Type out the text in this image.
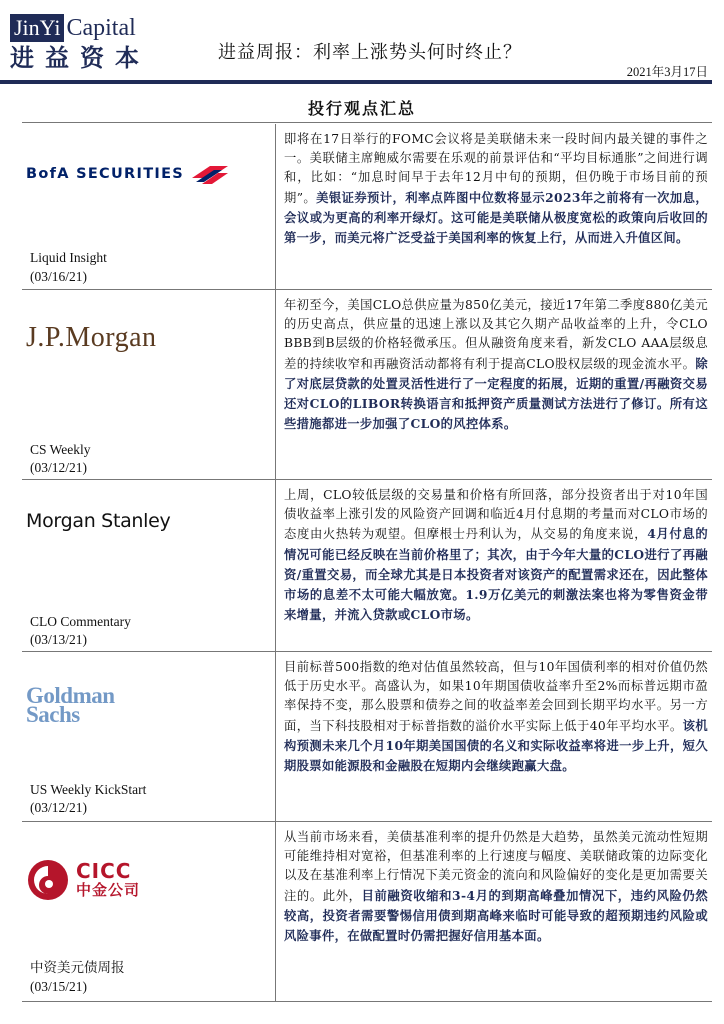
JinYi Capital
进益资本	进益周报：利率上涨势头何时终止？
2021年3月17日
投行观点汇总
BofA SECURITIES
Liquid Insight
(03/16/21)
即将在17日举行的FOMC会议将是美联储未来一段时间内最关键的事件之一。美联储主席鲍威尔需要在乐观的前景评估和“平均目标通胀”之间进行调和，比如：“加息时间早于去年12月中旬的预期，但仍晚于市场目前的预期”。美银证券预计，利率点阵图中位数将显示2023年之前将有一次加息，会议或为更高的利率开绿灯。这可能是美联储从极度宽松的政策向后收回的第一步，而美元将广泛受益于美国利率的恢复上行，从而进入升值区间。
J.P.Morgan
CS Weekly
(03/12/21)
年初至今，美国CLO总供应量为850亿美元，接近17年第二季度880亿美元的历史高点，供应量的迅速上涨以及其它久期产品收益率的上升，令CLO BBB到B层级的价格轻微承压。但从融资角度来看，新发CLO AAA层级息差的持续收窄和再融资活动都将有利于提高CLO股权层级的现金流水平。除了对底层贷款的处置灵活性进行了一定程度的拓展，近期的重置/再融资交易还对CLO的LIBOR转换语言和抵押资产质量测试方法进行了修订。所有这些措施都进一步加强了CLO的风控体系。
Morgan Stanley
CLO Commentary
(03/13/21)
上周，CLO较低层级的交易量和价格有所回落，部分投资者出于对10年国债收益率上涨引发的风险资产回调和临近4月付息期的考量而对CLO市场的态度由火热转为观望。但摩根士丹利认为，从交易的角度来说，4月付息的情况可能已经反映在当前价格里了；其次，由于今年大量的CLO进行了再融资/重置交易，而全球尤其是日本投资者对该资产的配置需求还在，因此整体市场的息差不太可能大幅放宽。1.9万亿美元的刺激法案也将为零售资金带来增量，并流入贷款或CLO市场。
Goldman
Sachs
US Weekly KickStart
(03/12/21)
目前标普500指数的绝对估值虽然较高，但与10年国债利率的相对价值仍然低于历史水平。高盛认为，如果10年期国债收益率升至2%而标普远期市盈率保持不变，那么股票和债券之间的收益率差会回到长期平均水平。另一方面，当下科技股相对于标普指数的溢价水平实际上低于40年平均水平。该机构预测未来几个月10年期美国国债的名义和实际收益率将进一步上升，短久期股票如能源股和金融股在短期内会继续跑赢大盘。
CICC
中金公司
中资美元债周报
(03/15/21)
从当前市场来看，美债基准利率的提升仍然是大趋势，虽然美元流动性短期可能维持相对宽裕，但基准利率的上行速度与幅度、美联储政策的边际变化以及在基准利率上行情况下美元资金的流向和风险偏好的变化是更加需要关注的。此外，目前融资收缩和3-4月的到期高峰叠加情况下，违约风险仍然较高，投资者需要警惕信用债到期高峰来临时可能导致的超预期违约风险或风险事件，在做配置时仍需把握好信用基本面。
